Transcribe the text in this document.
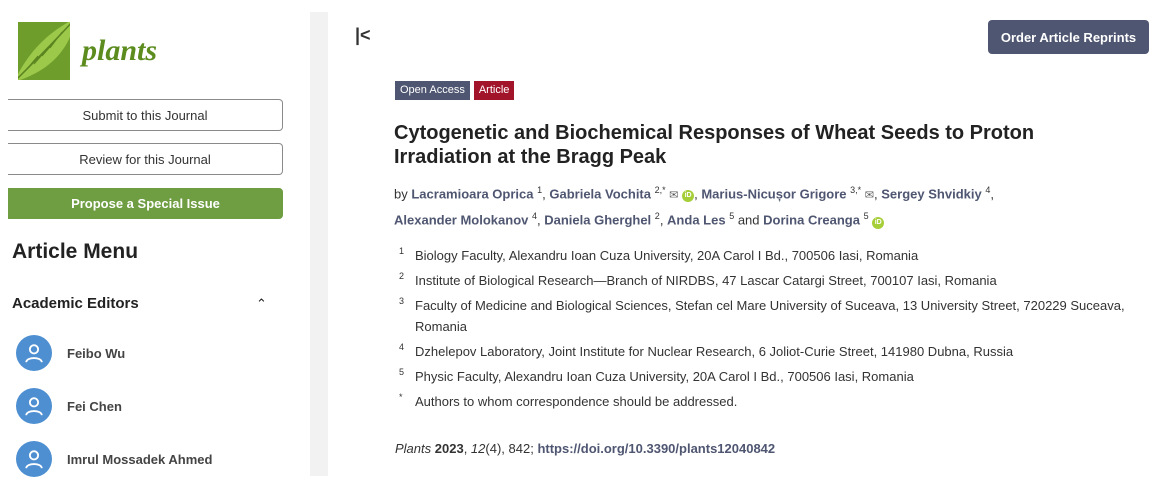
plants
Submit to this Journal
Review for this Journal
Propose a Special Issue
Article Menu
Academic Editors	⌃
Feibo Wu
Fei Chen
Imrul Mossadek Ahmed
|<	Order Article Reprints
Open Access	Article
Cytogenetic and Biochemical Responses of Wheat Seeds to Proton Irradiation at the Bragg Peak
by Lacramioara Oprica $^1$, Gabriela Vochita $^{2,*}$ ✉ iD , Marius-Nicușor Grigore $^{3,*}$ ✉, Sergey Shvidkiy $^4$,
Alexander Molokanov $^4$, Daniela Gherghel $^2$, Anda Les $^5$ and Dorina Creanga $^5$ iD
1 Biology Faculty, Alexandru Ioan Cuza University, 20A Carol I Bd., 700506 Iasi, Romania
2 Institute of Biological Research—Branch of NIRDBS, 47 Lascar Catargi Street, 700107 Iasi, Romania
3 Faculty of Medicine and Biological Sciences, Stefan cel Mare University of Suceava, 13 University Street, 720229 Suceava, Romania
4 Dzhelepov Laboratory, Joint Institute for Nuclear Research, 6 Joliot-Curie Street, 141980 Dubna, Russia
5 Physic Faculty, Alexandru Ioan Cuza University, 20A Carol I Bd., 700506 Iasi, Romania
* Authors to whom correspondence should be addressed.
Plants 2023, 12(4), 842; https://doi.org/10.3390/plants12040842
